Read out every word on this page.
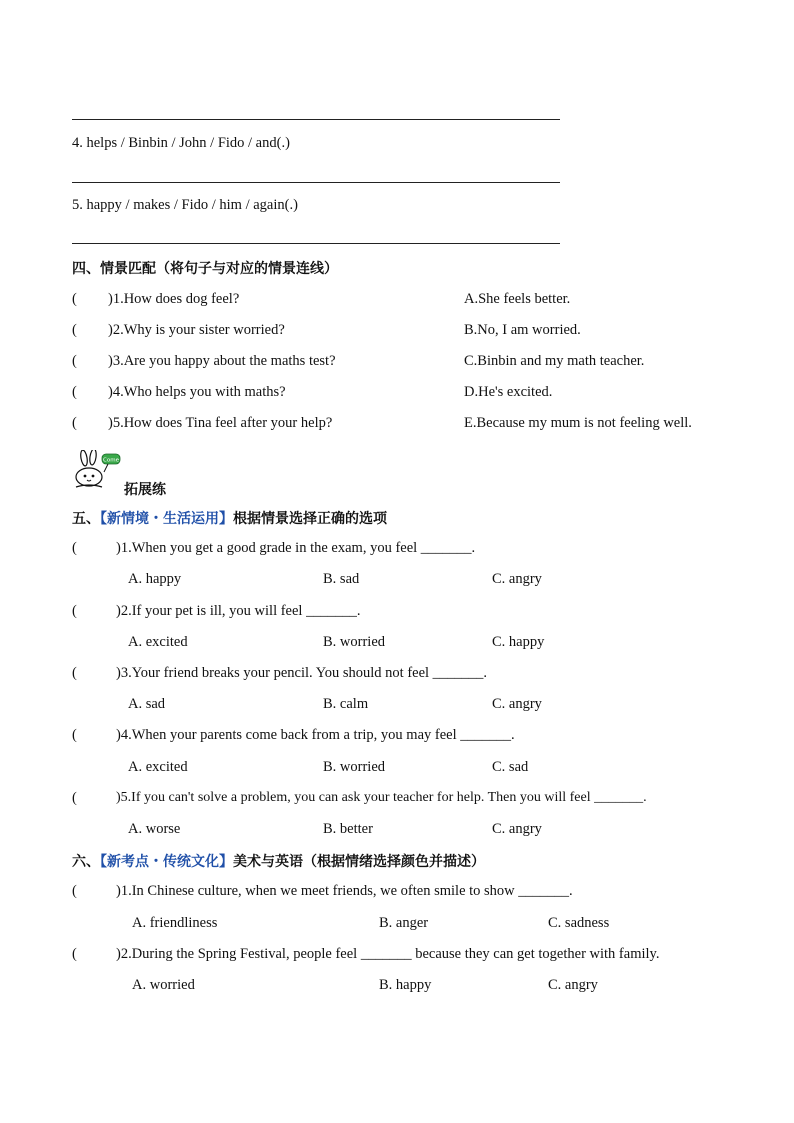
4. helps / Binbin / John / Fido / and(.)
5. happy / makes / Fido / him / again(.)
四、情景匹配（将句子与对应的情景连线）
( )1.How does dog feel?	A.She feels better.
( )2.Why is your sister worried?	B.No, I am worried.
( )3.Are you happy about the maths test?	C.Binbin and my math teacher.
( )4.Who helps you with maths?	D.He's excited.
( )5.How does Tina feel after your help?	E.Because my mum is not feeling well.
Come
拓展练
五、【新情境・生活运用】根据情景选择正确的选项
(	)1.When you get a good grade in the exam, you feel _______.
A. happy	B. sad	C. angry
(	)2.If your pet is ill, you will feel _______.
A. excited	B. worried	C. happy
(	)3.Your friend breaks your pencil. You should not feel _______.
A. sad	B. calm	C. angry
(	)4.When your parents come back from a trip, you may feel _______.
A. excited	B. worried	C. sad
(	)5.If you can't solve a problem, you can ask your teacher for help. Then you will feel _______.
A. worse	B. better	C. angry
六、【新考点・传统文化】美术与英语（根据情绪选择颜色并描述）
(	)1.In Chinese culture, when we meet friends, we often smile to show _______.
A. friendliness	B. anger	C. sadness
(	)2.During the Spring Festival, people feel _______ because they can get together with family.
A. worried	B. happy	C. angry
